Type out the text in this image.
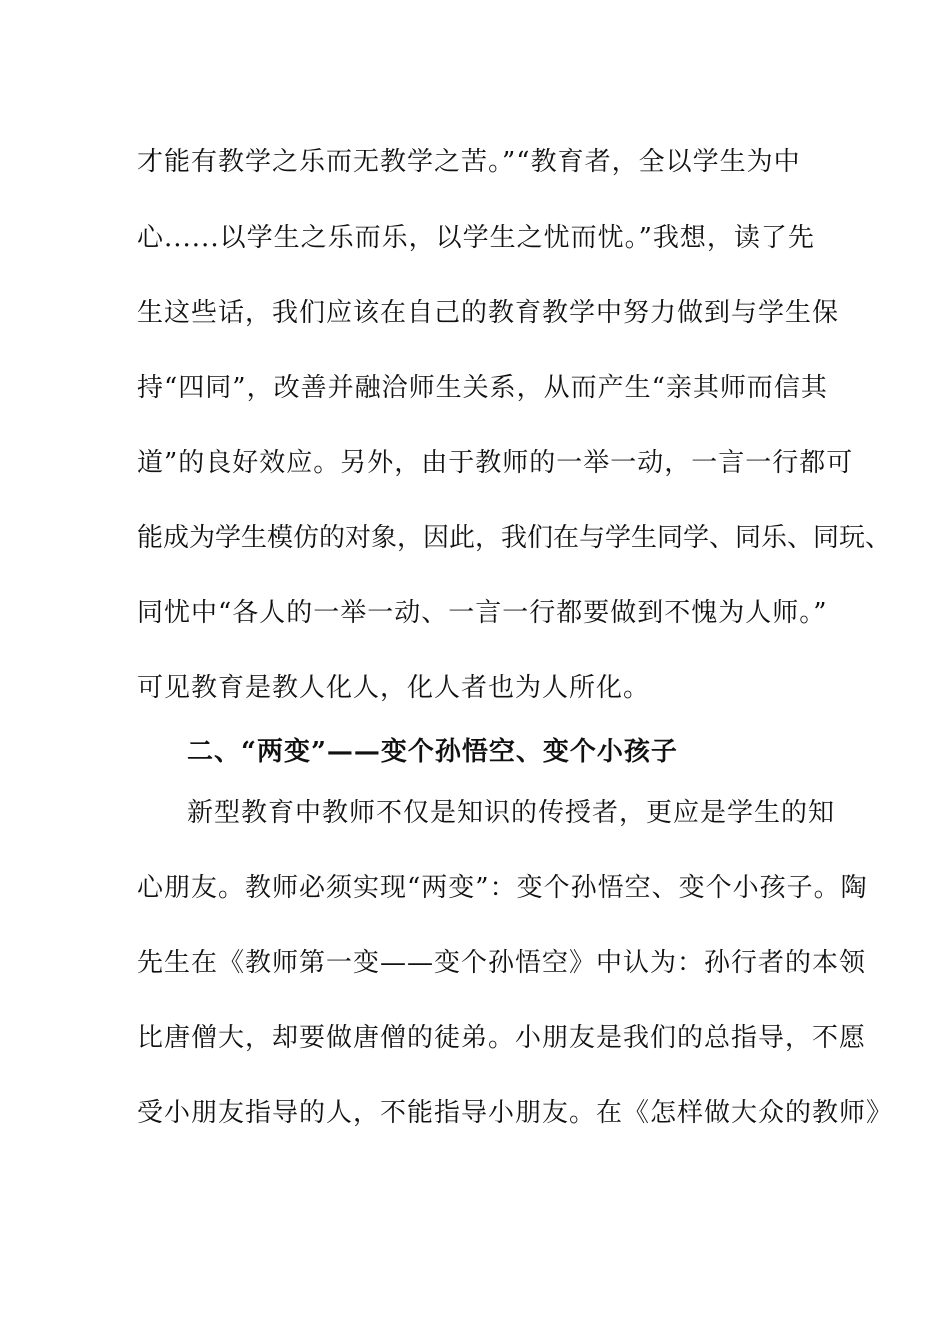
才能有教学之乐而无教学之苦。”“教育者，全以学生为中
心......以学生之乐而乐，以学生之忧而忧。”我想，读了先
生这些话，我们应该在自己的教育教学中努力做到与学生保
持“四同”，改善并融洽师生关系，从而产生“亲其师而信其
道”的良好效应。另外，由于教师的一举一动，一言一行都可
能成为学生模仿的对象，因此，我们在与学生同学、同乐、同玩、
同忧中“各人的一举一动、一言一行都要做到不愧为人师。”
可见教育是教人化人，化人者也为人所化。
二、“两变”——变个孙悟空、变个小孩子
新型教育中教师不仅是知识的传授者，更应是学生的知
心朋友。教师必须实现“两变”：变个孙悟空、变个小孩子。陶
先生在《教师第一变——变个孙悟空》中认为：孙行者的本领
比唐僧大，却要做唐僧的徒弟。小朋友是我们的总指导，不愿
受小朋友指导的人，不能指导小朋友。在《怎样做大众的教师》
